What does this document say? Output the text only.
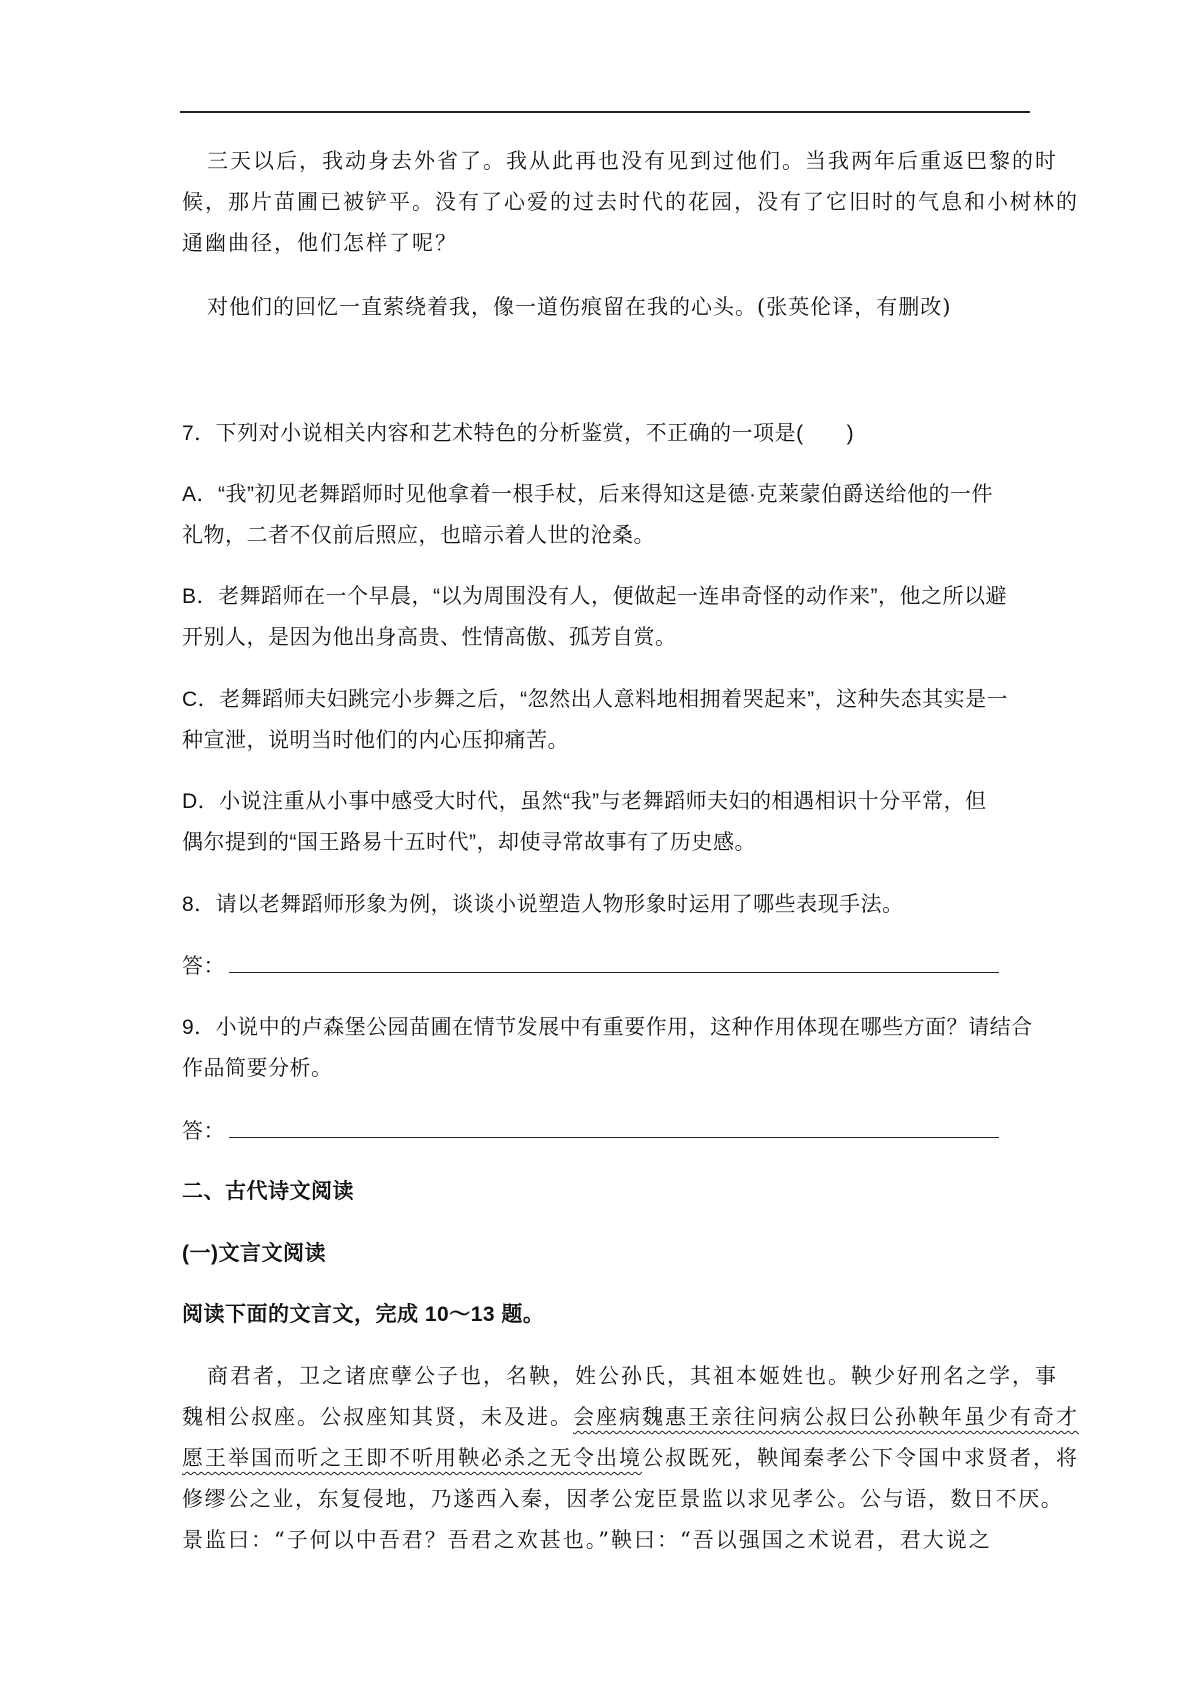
三天以后，我动身去外省了。我从此再也没有见到过他们。当我两年后重返巴黎的时
候，那片苗圃已被铲平。没有了心爱的过去时代的花园，没有了它旧时的气息和小树林的
通幽曲径，他们怎样了呢？
对他们的回忆一直萦绕着我，像一道伤痕留在我的心头。(张英伦译，有删改)
7．下列对小说相关内容和艺术特色的分析鉴赏，不正确的一项是(　　)
A．“我”初见老舞蹈师时见他拿着一根手杖，后来得知这是德·克莱蒙伯爵送给他的一件
礼物，二者不仅前后照应，也暗示着人世的沧桑。
B．老舞蹈师在一个早晨，“以为周围没有人，便做起一连串奇怪的动作来”，他之所以避
开别人，是因为他出身高贵、性情高傲、孤芳自赏。
C．老舞蹈师夫妇跳完小步舞之后，“忽然出人意料地相拥着哭起来”，这种失态其实是一
种宣泄，说明当时他们的内心压抑痛苦。
D．小说注重从小事中感受大时代，虽然“我”与老舞蹈师夫妇的相遇相识十分平常，但
偶尔提到的“国王路易十五时代”，却使寻常故事有了历史感。
8．请以老舞蹈师形象为例，谈谈小说塑造人物形象时运用了哪些表现手法。
答：
9．小说中的卢森堡公园苗圃在情节发展中有重要作用，这种作用体现在哪些方面？请结合
作品简要分析。
答：
二、古代诗文阅读
(一)文言文阅读
阅读下面的文言文，完成 10～13 题。
商君者，卫之诸庶孽公子也，名鞅，姓公孙氏，其祖本姬姓也。鞅少好刑名之学，事
魏相公叔座。公叔座知其贤，未及进。会座病魏惠王亲往问病公叔曰公孙鞅年虽少有奇才
愿王举国而听之王即不听用鞅必杀之无令出境公叔既死，鞅闻秦孝公下令国中求贤者，将
修缪公之业，东复侵地，乃遂西入秦，因孝公宠臣景监以求见孝公。公与语，数日不厌。
景监曰：“子何以中吾君？吾君之欢甚也。”鞅曰：“吾以强国之术说君，君大说之
